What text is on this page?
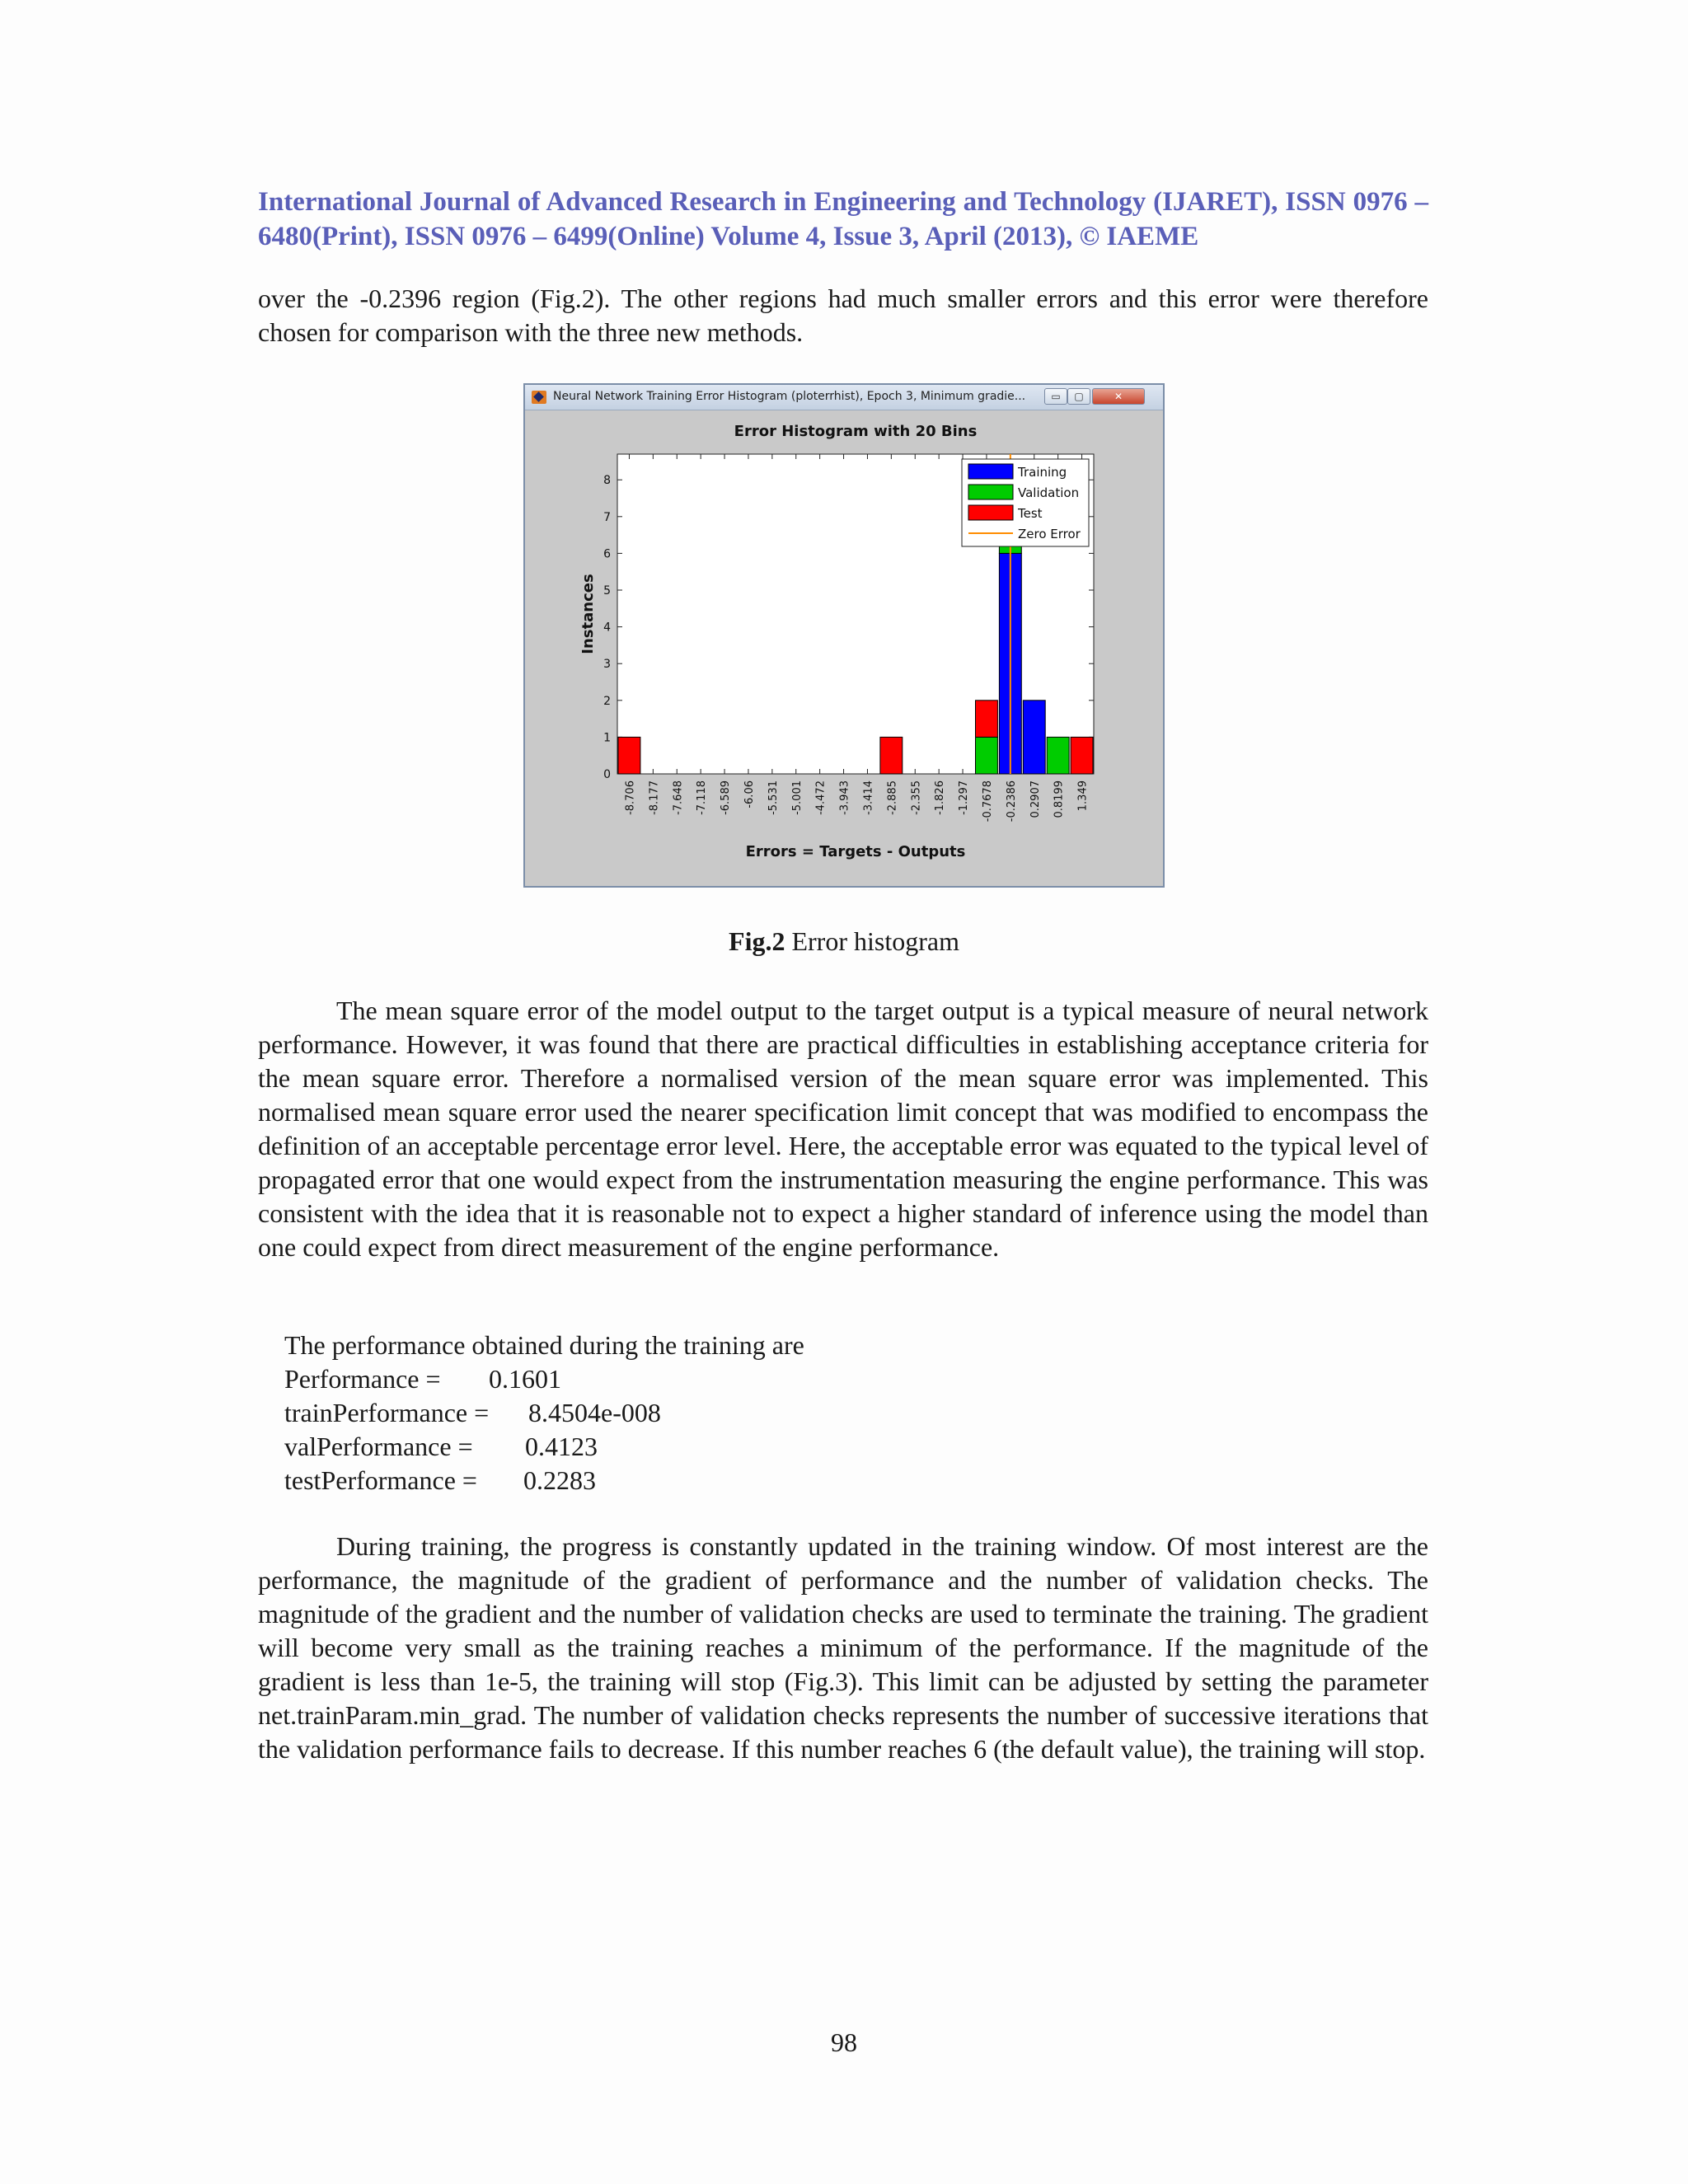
International Journal of Advanced Research in Engineering and Technology (IJARET), ISSN 0976 – 6480(Print), ISSN 0976 – 6499(Online) Volume 4, Issue 3, April (2013), © IAEME

over the -0.2396 region (Fig.2). The other regions had much smaller errors and this error were therefore chosen for comparison with the three new methods.

Neural Network Training Error Histogram (ploterrhist), Epoch 3, Minimum gradie...	▭	▢	✕
Error Histogram with 20 Bins
0
1
2
3
4
5
6
7
8
-8.706 -8.177 -7.648 -7.118 -6.589 -6.06 -5.531 -5.001 -4.472 -3.943 -3.414 -2.885 -2.355 -1.826 -1.297 -0.7678 -0.2386 0.2907 0.8199 1.349
Training
Validation
Test
Zero Error
Errors = Targets - Outputs
Instances
Fig.2 Error histogram

The mean square error of the model output to the target output is a typical measure of neural network performance. However, it was found that there are practical difficulties in establishing acceptance criteria for the mean square error. Therefore a normalised version of the mean square error was implemented. This normalised mean square error used the nearer specification limit concept that was modified to encompass the definition of an acceptable percentage error level. Here, the acceptable error was equated to the typical level of propagated error that one would expect from the instrumentation measuring the engine performance. This was consistent with the idea that it is reasonable not to expect a higher standard of inference using the model than one could expect from direct measurement of the engine performance.

The performance obtained during the training are
Performance = 0.1601
trainPerformance = 8.4504e-008
valPerformance = 0.4123
testPerformance = 0.2283

During training, the progress is constantly updated in the training window. Of most interest are the performance, the magnitude of the gradient of performance and the number of validation checks. The magnitude of the gradient and the number of validation checks are used to terminate the training. The gradient will become very small as the training reaches a minimum of the performance. If the magnitude of the gradient is less than 1e-5, the training will stop (Fig.3). This limit can be adjusted by setting the parameter net.trainParam.min_grad. The number of validation checks represents the number of successive iterations that the validation performance fails to decrease. If this number reaches 6 (the default value), the training will stop.

98
